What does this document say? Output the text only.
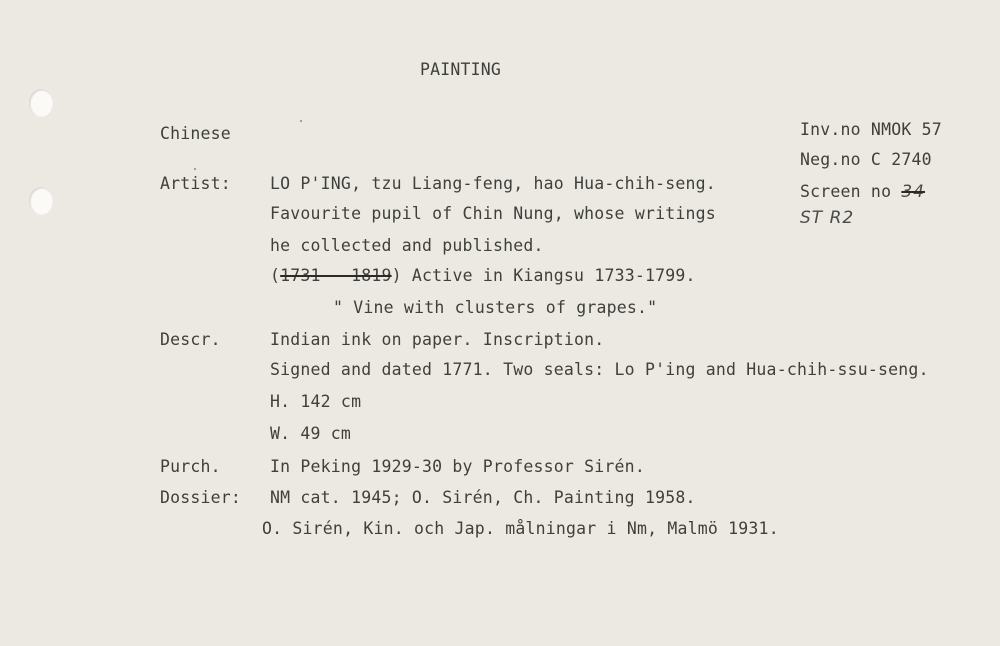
PAINTING
Chinese	Inv.no NMOK 57
Neg.no C 2740
Screen no 34
ST R2
Artist: LO P'ING, tzu Liang-feng, hao Hua-chih-seng.
Favourite pupil of Chin Nung, whose writings
he collected and published.
(1731 - 1819) Active in Kiangsu 1733-1799.
" Vine with clusters of grapes."
Descr.	Indian ink on paper. Inscription.
Signed and dated 1771. Two seals: Lo P'ing and Hua-chih-ssu-seng.
H. 142 cm
W. 49 cm
Purch.	In Peking 1929-30 by Professor Sirén.
Dossier: NM cat. 1945; O. Sirén, Ch. Painting 1958.
O. Sirén, Kin. och Jap. målningar i Nm, Malmö 1931.
